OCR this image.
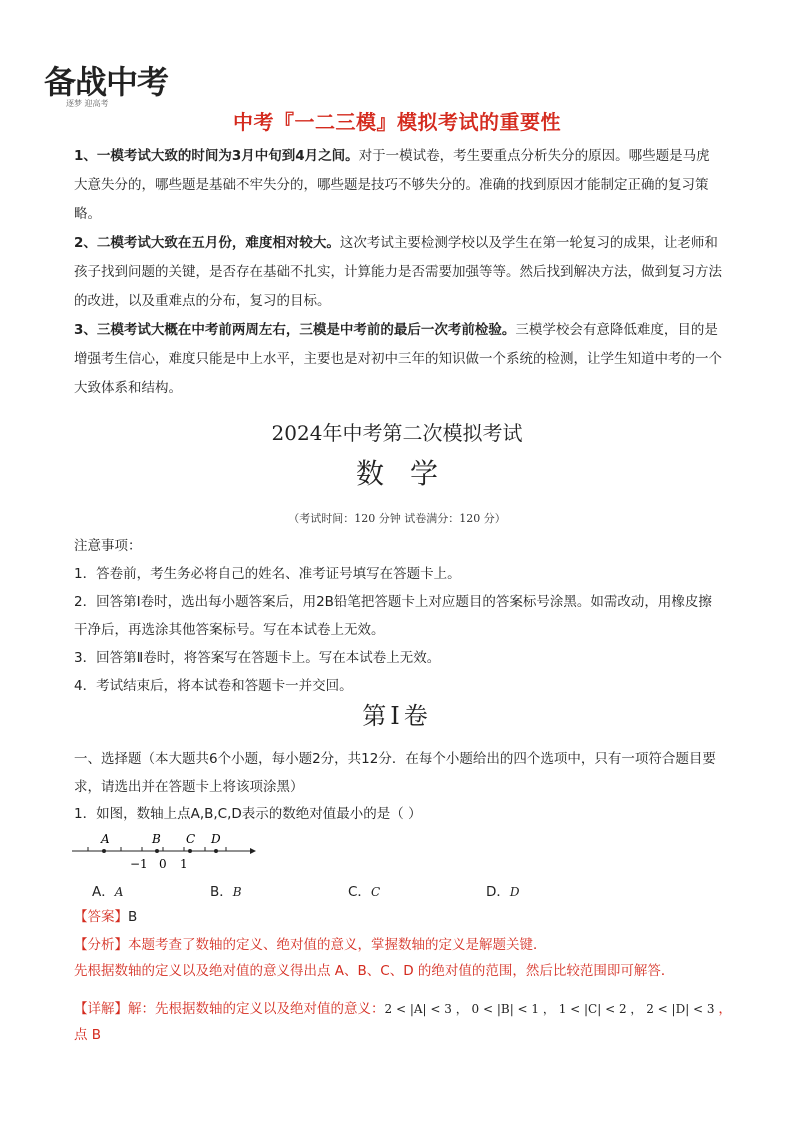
备战中考
逐梦 迎高考
中考『一二三模』模拟考试的重要性
1、一模考试大致的时间为3月中旬到4月之间。对于一模试卷，考生要重点分析失分的原因。哪些题是马虎大意失分的，哪些题是基础不牢失分的，哪些题是技巧不够失分的。准确的找到原因才能制定正确的复习策略。
2、二模考试大致在五月份，难度相对较大。这次考试主要检测学校以及学生在第一轮复习的成果，让老师和孩子找到问题的关键，是否存在基础不扎实，计算能力是否需要加强等等。然后找到解决方法，做到复习方法的改进，以及重难点的分布，复习的目标。
3、三模考试大概在中考前两周左右，三模是中考前的最后一次考前检验。三模学校会有意降低难度，目的是增强考生信心，难度只能是中上水平，主要也是对初中三年的知识做一个系统的检测，让学生知道中考的一个大致体系和结构。
2024年中考第二次模拟考试
数学
（考试时间：120 分钟 试卷满分：120 分）
注意事项：
1．答卷前，考生务必将自己的姓名、准考证号填写在答题卡上。
2．回答第Ⅰ卷时，选出每小题答案后，用2B铅笔把答题卡上对应题目的答案标号涂黑。如需改动，用橡皮擦干净后，再选涂其他答案标号。写在本试卷上无效。
3．回答第Ⅱ卷时，将答案写在答题卡上。写在本试卷上无效。
4．考试结束后，将本试卷和答题卡一并交回。
第Ⅰ卷
一、选择题（本大题共6个小题，每小题2分，共12分．在每个小题给出的四个选项中，只有一项符合题目要求，请选出并在答题卡上将该项涂黑）
1．如图，数轴上点A,B,C,D表示的数绝对值最小的是（ ）
A	B C D
−1 0 1
A．A	B．B	C．C	D．D
【答案】B
【分析】本题考查了数轴的定义、绝对值的意义，掌握数轴的定义是解题关键．
先根据数轴的定义以及绝对值的意义得出点 A、B、C、D 的绝对值的范围，然后比较范围即可解答．
【详解】解：先根据数轴的定义以及绝对值的意义：2 < |A| < 3 ， 0 < |B| < 1 ， 1 < |C| < 2 ， 2 < |D| < 3 ，点 B
